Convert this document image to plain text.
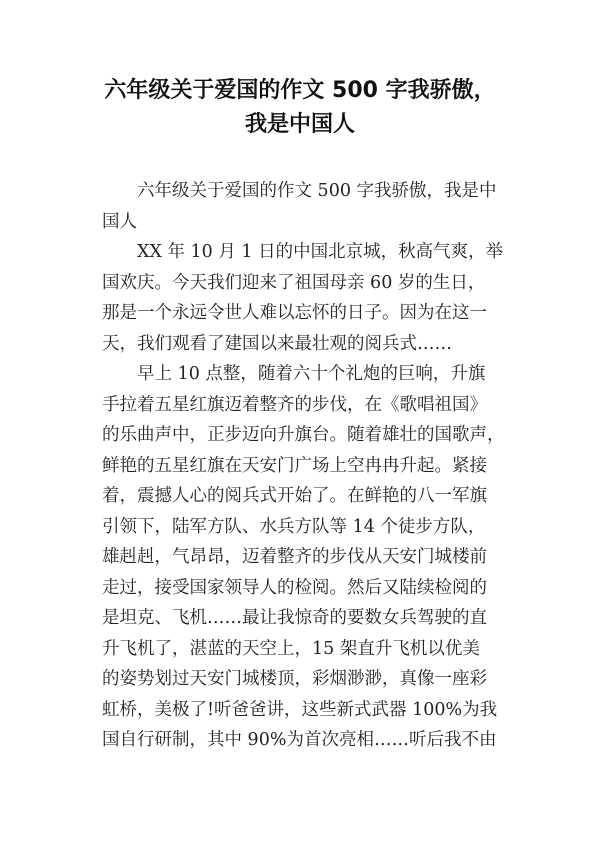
六年级关于爱国的作文 500 字我骄傲，
我是中国人
六年级关于爱国的作文 500 字我骄傲，我是中
国人
XX 年 10 月 1 日的中国北京城，秋高气爽，举
国欢庆。今天我们迎来了祖国母亲 60 岁的生日，
那是一个永远令世人难以忘怀的日子。因为在这一
天，我们观看了建国以来最壮观的阅兵式……
早上 10 点整，随着六十个礼炮的巨响，升旗
手拉着五星红旗迈着整齐的步伐，在《歌唱祖国》
的乐曲声中，正步迈向升旗台。随着雄壮的国歌声，
鲜艳的五星红旗在天安门广场上空冉冉升起。紧接
着，震撼人心的阅兵式开始了。在鲜艳的八一军旗
引领下，陆军方队、水兵方队等 14 个徒步方队，
雄赳赳，气昂昂，迈着整齐的步伐从天安门城楼前
走过，接受国家领导人的检阅。然后又陆续检阅的
是坦克、飞机……最让我惊奇的要数女兵驾驶的直
升飞机了，湛蓝的天空上，15 架直升飞机以优美
的姿势划过天安门城楼顶，彩烟渺渺，真像一座彩
虹桥，美极了!听爸爸讲，这些新式武器 100%为我
国自行研制，其中 90%为首次亮相……听后我不由
